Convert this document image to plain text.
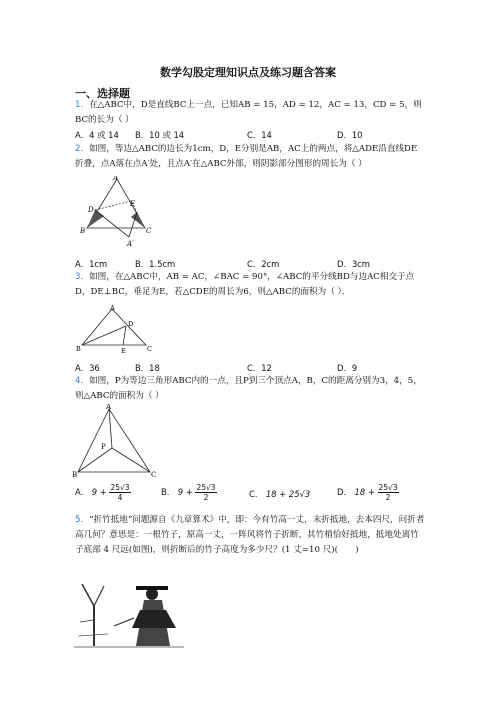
数学勾股定理知识点及练习题含答案
一、选择题
1．在△ABC中，D是直线BC上一点，已知AB = 15，AD = 12，AC = 13，CD = 5，则BC的长为（ ）
A．4 或 14 B．10 或 14	C．14	D．10
2．如图，等边△ABC的边长为1cm，D，E分别是AB，AC上的两点，将△ADE沿直线DE折叠，点A落在点A′处，且点A′在△ABC外部，则阴影部分图形的周长为（ ）
A
D
E
B	C
A′
A．1cm	B．1.5cm	C．2cm	D．3cm
3．如图，在△ABC中，AB = AC，∠BAC = 90°，∠ABC的平分线BD与边AC相交于点D，DE⊥BC，垂足为E，若△CDE的周长为6，则△ABC的面积为（ ）．
A
D
B	E	C
A．36	B．18	C．12	D．9
4．如图，P为等边三角形ABC内的一点，且P到三个顶点A，B，C的距离分别为3，4，5，则△ABC的面积为（ ）
A
P
B	C
A． $9 + \frac{25√3}{4}$	B． $9 + \frac{25√3}{2}$	C． 18 + 25√3	D． $18 + \frac{25√3}{2}$
5．“折竹抵地”问题源自《九章算术》中，即：今有竹高一丈，末折抵地，去本四尺，问折者高几何？意思是：一根竹子，原高一丈，一阵风将竹子折断，其竹梢恰好抵地，抵地处离竹子底部 4 尺远(如图)，则折断后的竹子高度为多少尺？(1 丈=10 尺)(　　)
